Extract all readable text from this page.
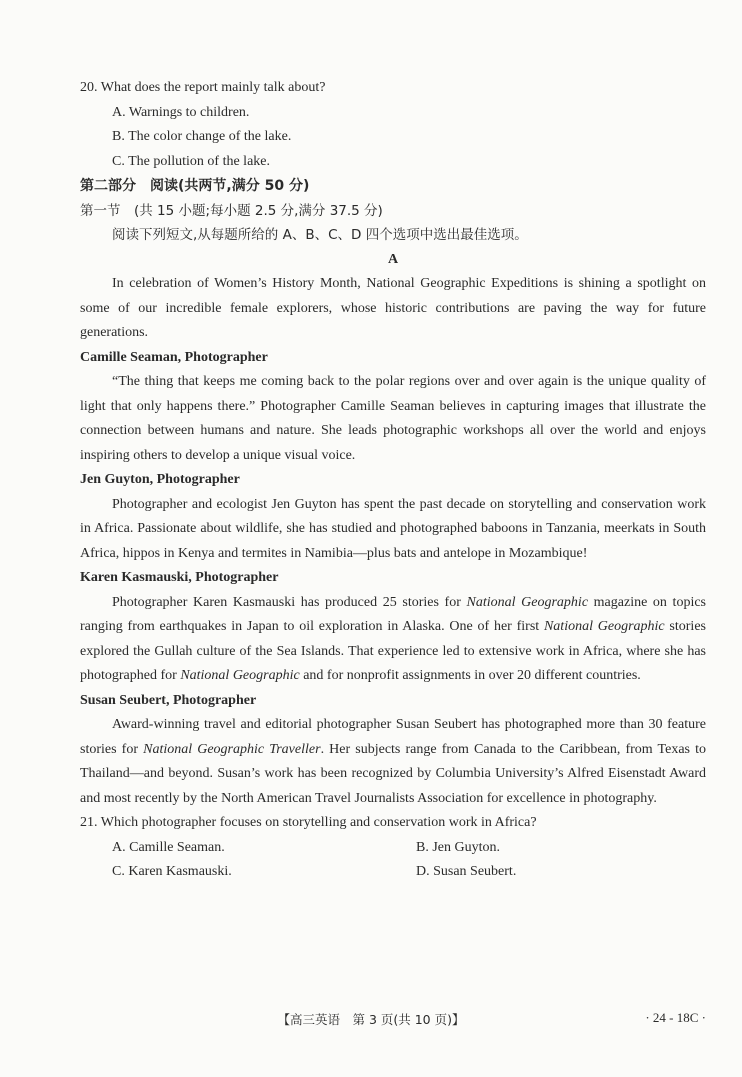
20. What does the report mainly talk about?
A. Warnings to children.
B. The color change of the lake.
C. The pollution of the lake.
第二部分　阅读(共两节,满分 50 分)
第一节　(共 15 小题;每小题 2.5 分,满分 37.5 分)
阅读下列短文,从每题所给的 A、B、C、D 四个选项中选出最佳选项。
A
In celebration of Women’s History Month, National Geographic Expeditions is shining a spotlight on some of our incredible female explorers, whose historic contributions are paving the way for future generations.
Camille Seaman, Photographer
“The thing that keeps me coming back to the polar regions over and over again is the unique quality of light that only happens there.” Photographer Camille Seaman believes in capturing images that illustrate the connection between humans and nature. She leads photographic workshops all over the world and enjoys inspiring others to develop a unique visual voice.
Jen Guyton, Photographer
Photographer and ecologist Jen Guyton has spent the past decade on storytelling and conservation work in Africa. Passionate about wildlife, she has studied and photographed baboons in Tanzania, meerkats in South Africa, hippos in Kenya and termites in Namibia—plus bats and antelope in Mozambique!
Karen Kasmauski, Photographer
Photographer Karen Kasmauski has produced 25 stories for National Geographic magazine on topics ranging from earthquakes in Japan to oil exploration in Alaska. One of her first National Geographic stories explored the Gullah culture of the Sea Islands. That experience led to extensive work in Africa, where she has photographed for National Geographic and for nonprofit assignments in over 20 different countries.
Susan Seubert, Photographer
Award-winning travel and editorial photographer Susan Seubert has photographed more than 30 feature stories for National Geographic Traveller. Her subjects range from Canada to the Caribbean, from Texas to Thailand—and beyond. Susan’s work has been recognized by Columbia University’s Alfred Eisenstadt Award and most recently by the North American Travel Journalists Association for excellence in photography.
21. Which photographer focuses on storytelling and conservation work in Africa?
A. Camille Seaman.	B. Jen Guyton.
C. Karen Kasmauski.	D. Susan Seubert.
【高三英语　第 3 页(共 10 页)】	· 24 - 18C ·
